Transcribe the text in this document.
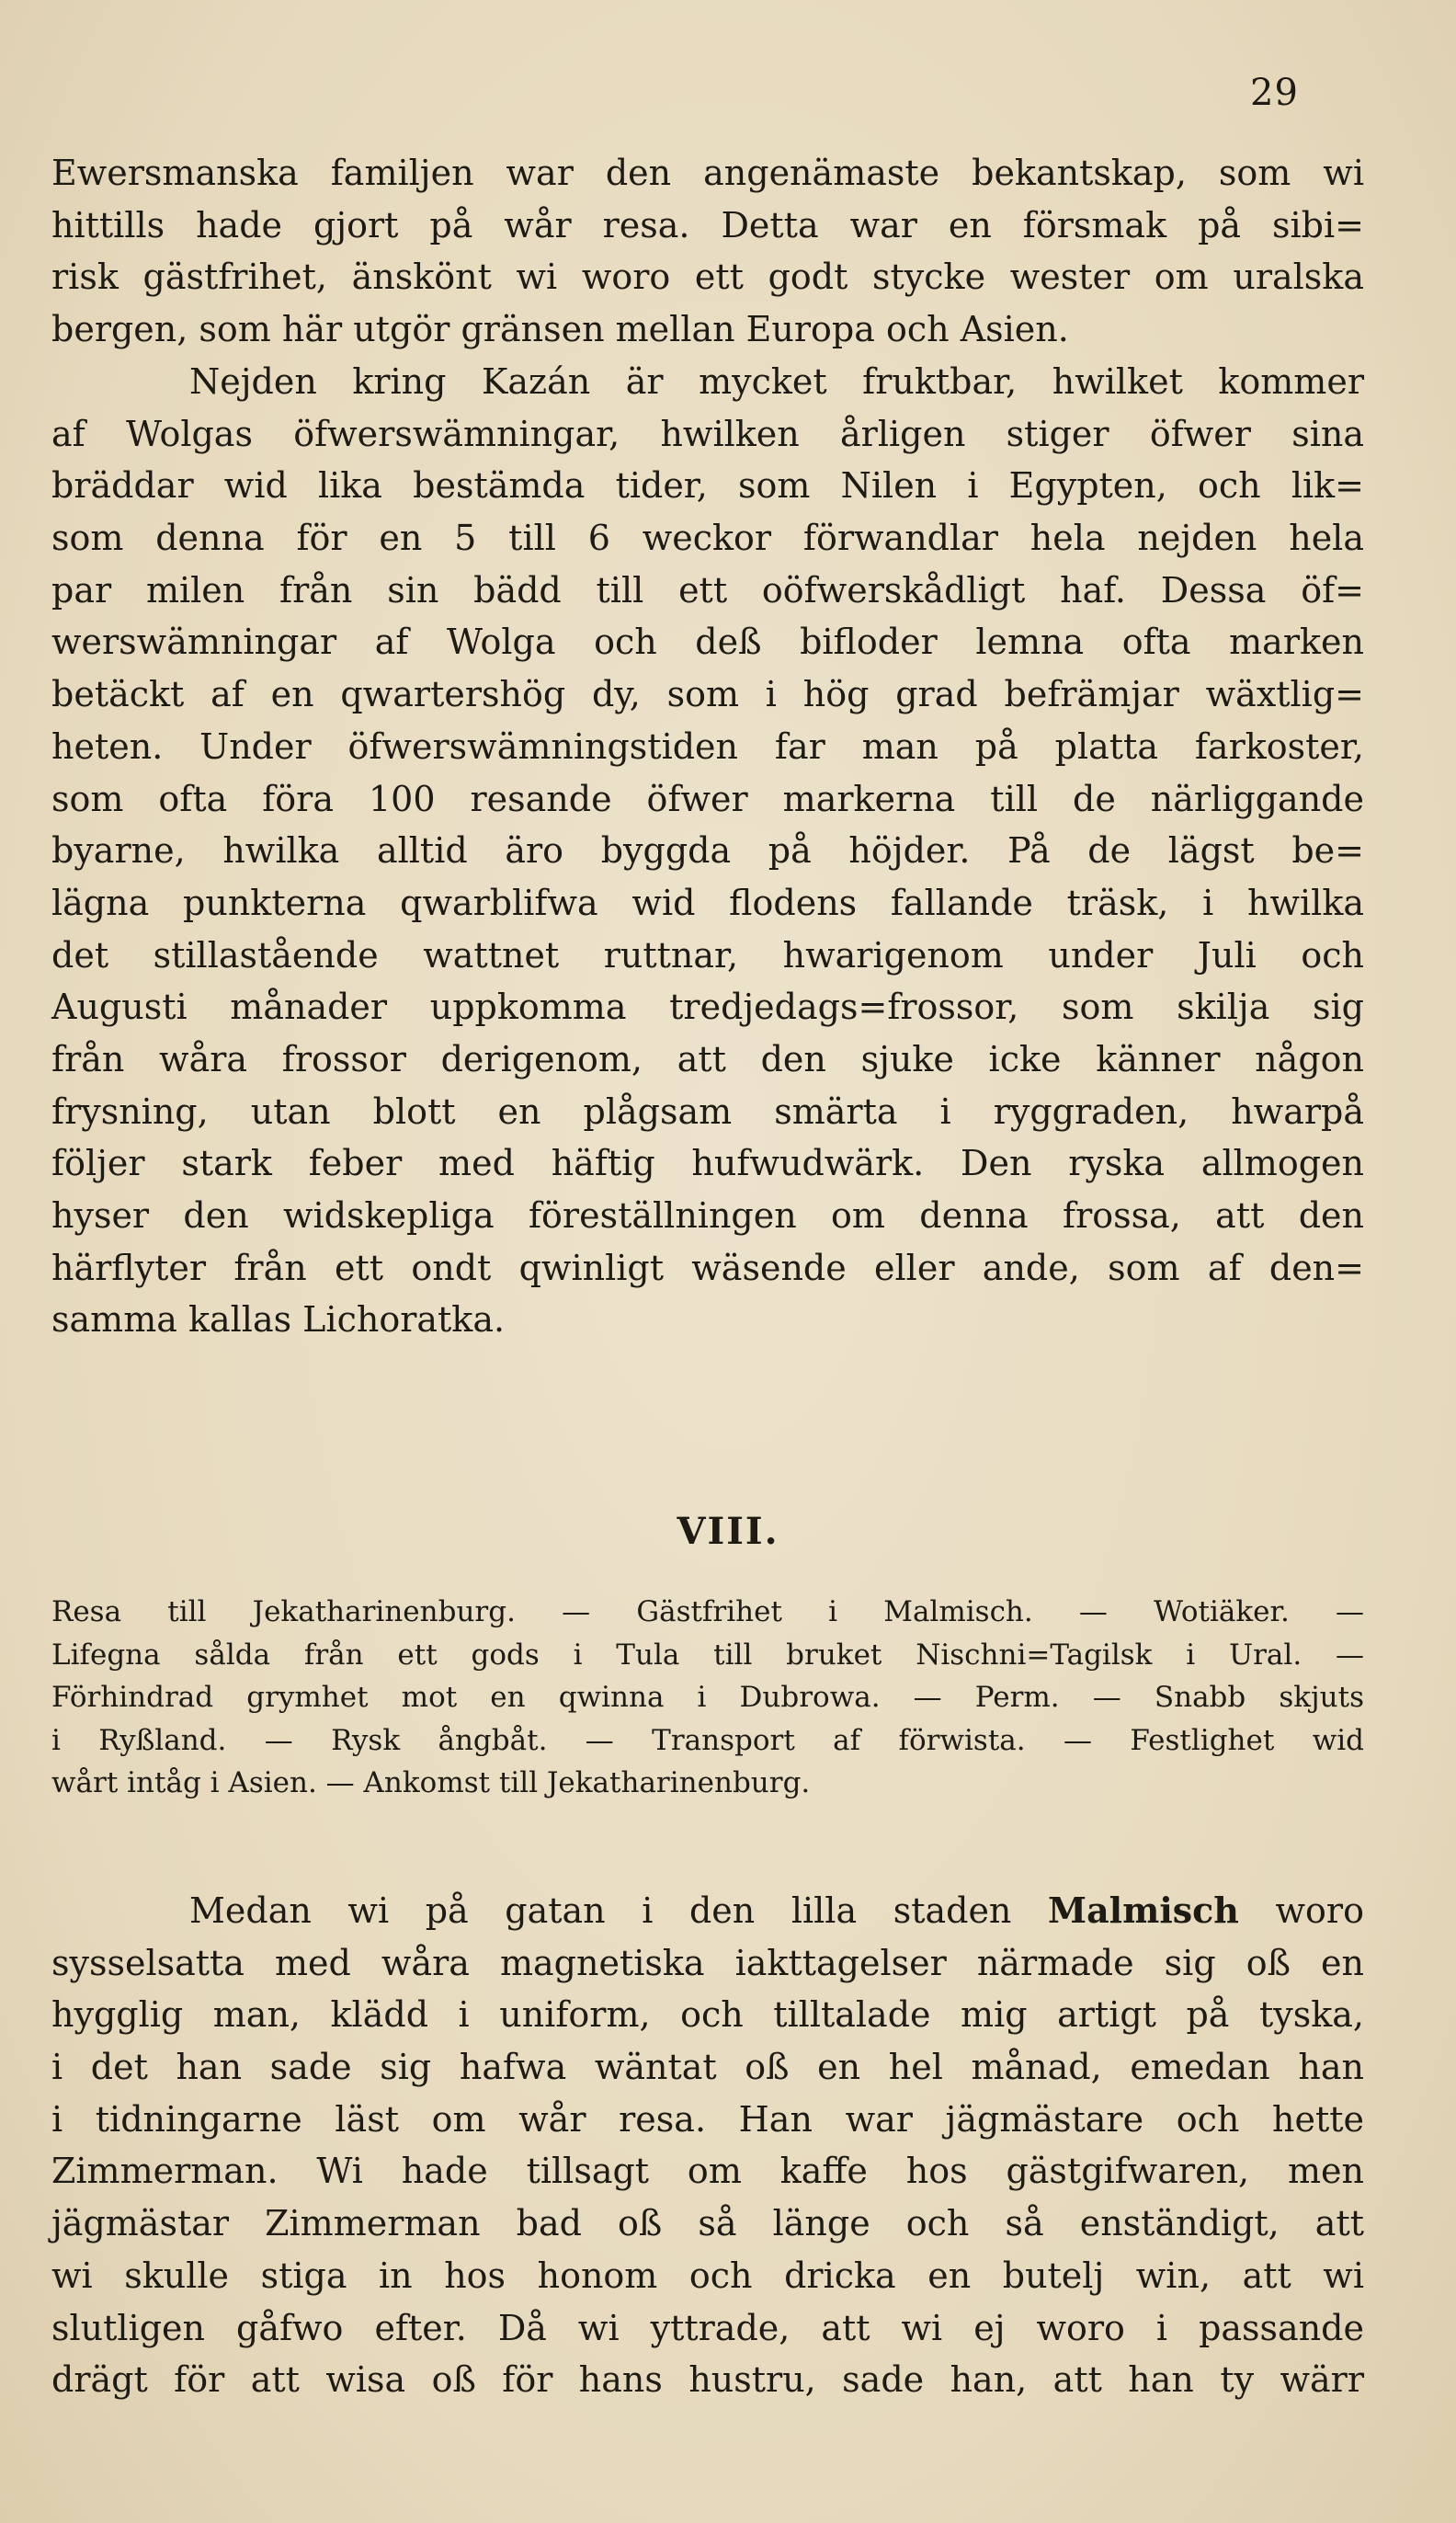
29
Ewersmanska familjen war den angenämaste bekantskap, som wi
hittills hade gjort på wår resa. Detta war en försmak på sibi=
risk gästfrihet, änskönt wi woro ett godt stycke wester om uralska
bergen, som här utgör gränsen mellan Europa och Asien.
Nejden kring Kazán är mycket fruktbar, hwilket kommer
af Wolgas öfwerswämningar, hwilken årligen stiger öfwer sina
bräddar wid lika bestämda tider, som Nilen i Egypten, och lik=
som denna för en 5 till 6 weckor förwandlar hela nejden hela
par milen från sin bädd till ett oöfwerskådligt haf. Dessa öf=
werswämningar af Wolga och deß bifloder lemna ofta marken
betäckt af en qwartershög dy, som i hög grad befrämjar wäxtlig=
heten. Under öfwerswämningstiden far man på platta farkoster,
som ofta föra 100 resande öfwer markerna till de närliggande
byarne, hwilka alltid äro byggda på höjder. På de lägst be=
lägna punkterna qwarblifwa wid flodens fallande träsk, i hwilka
det stillastående wattnet ruttnar, hwarigenom under Juli och
Augusti månader uppkomma tredjedags=frossor, som skilja sig
från wåra frossor derigenom, att den sjuke icke känner någon
frysning, utan blott en plågsam smärta i ryggraden, hwarpå
följer stark feber med häftig hufwudwärk. Den ryska allmogen
hyser den widskepliga föreställningen om denna frossa, att den
härflyter från ett ondt qwinligt wäsende eller ande, som af den=
samma kallas Lichoratka.
VIII.
Resa till Jekatharinenburg. — Gästfrihet i Malmisch. — Wotiäker. —
Lifegna sålda från ett gods i Tula till bruket Nischni=Tagilsk i Ural. —
Förhindrad grymhet mot en qwinna i Dubrowa. — Perm. — Snabb skjuts
i Ryßland. — Rysk ångbåt. — Transport af förwista. — Festlighet wid
wårt intåg i Asien. — Ankomst till Jekatharinenburg.
Medan wi på gatan i den lilla staden Malmisch woro
sysselsatta med wåra magnetiska iakttagelser närmade sig oß en
hygglig man, klädd i uniform, och tilltalade mig artigt på tyska,
i det han sade sig hafwa wäntat oß en hel månad, emedan han
i tidningarne läst om wår resa. Han war jägmästare och hette
Zimmerman. Wi hade tillsagt om kaffe hos gästgifwaren, men
jägmästar Zimmerman bad oß så länge och så enständigt, att
wi skulle stiga in hos honom och dricka en butelj win, att wi
slutligen gåfwo efter. Då wi yttrade, att wi ej woro i passande
drägt för att wisa oß för hans hustru, sade han, att han ty wärr
